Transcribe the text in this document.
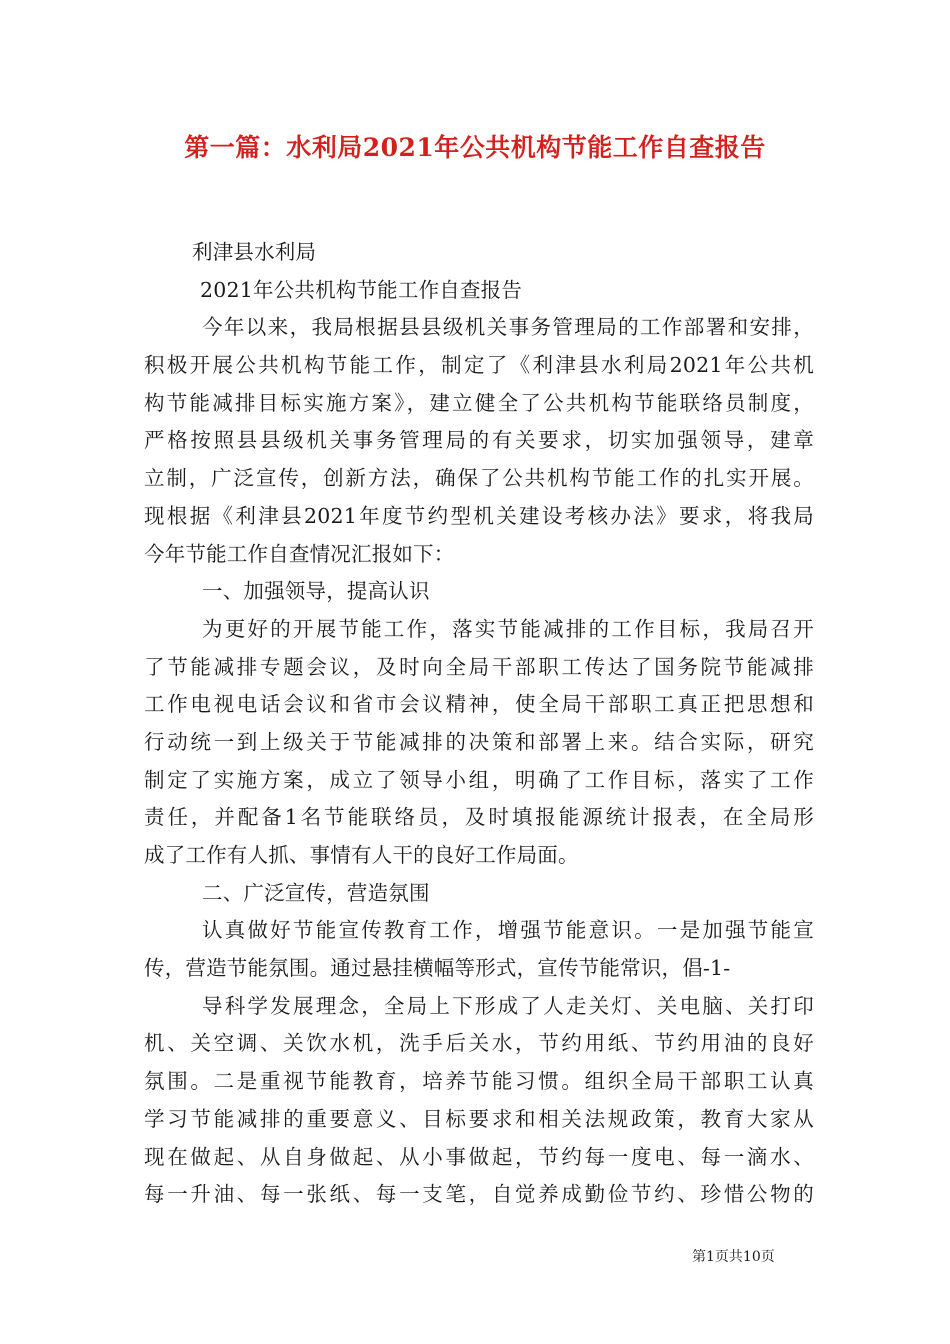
第一篇：水利局2021年公共机构节能工作自查报告
利津县水利局
2021年公共机构节能工作自查报告
今年以来，我局根据县县级机关事务管理局的工作部署和安排，
积极开展公共机构节能工作，制定了《利津县水利局2021年公共机
构节能减排目标实施方案》，建立健全了公共机构节能联络员制度，
严格按照县县级机关事务管理局的有关要求，切实加强领导，建章
立制，广泛宣传，创新方法，确保了公共机构节能工作的扎实开展。
现根据《利津县2021年度节约型机关建设考核办法》要求，将我局
今年节能工作自查情况汇报如下：
一、加强领导，提高认识
为更好的开展节能工作，落实节能减排的工作目标，我局召开
了节能减排专题会议，及时向全局干部职工传达了国务院节能减排
工作电视电话会议和省市会议精神，使全局干部职工真正把思想和
行动统一到上级关于节能减排的决策和部署上来。结合实际，研究
制定了实施方案，成立了领导小组，明确了工作目标，落实了工作
责任，并配备1名节能联络员，及时填报能源统计报表，在全局形
成了工作有人抓、事情有人干的良好工作局面。
二、广泛宣传，营造氛围
认真做好节能宣传教育工作，增强节能意识。一是加强节能宣
传，营造节能氛围。通过悬挂横幅等形式，宣传节能常识，倡-1-
导科学发展理念，全局上下形成了人走关灯、关电脑、关打印
机、关空调、关饮水机，洗手后关水，节约用纸、节约用油的良好
氛围。二是重视节能教育，培养节能习惯。组织全局干部职工认真
学习节能减排的重要意义、目标要求和相关法规政策，教育大家从
现在做起、从自身做起、从小事做起，节约每一度电、每一滴水、
每一升油、每一张纸、每一支笔，自觉养成勤俭节约、珍惜公物的
第1页共10页
